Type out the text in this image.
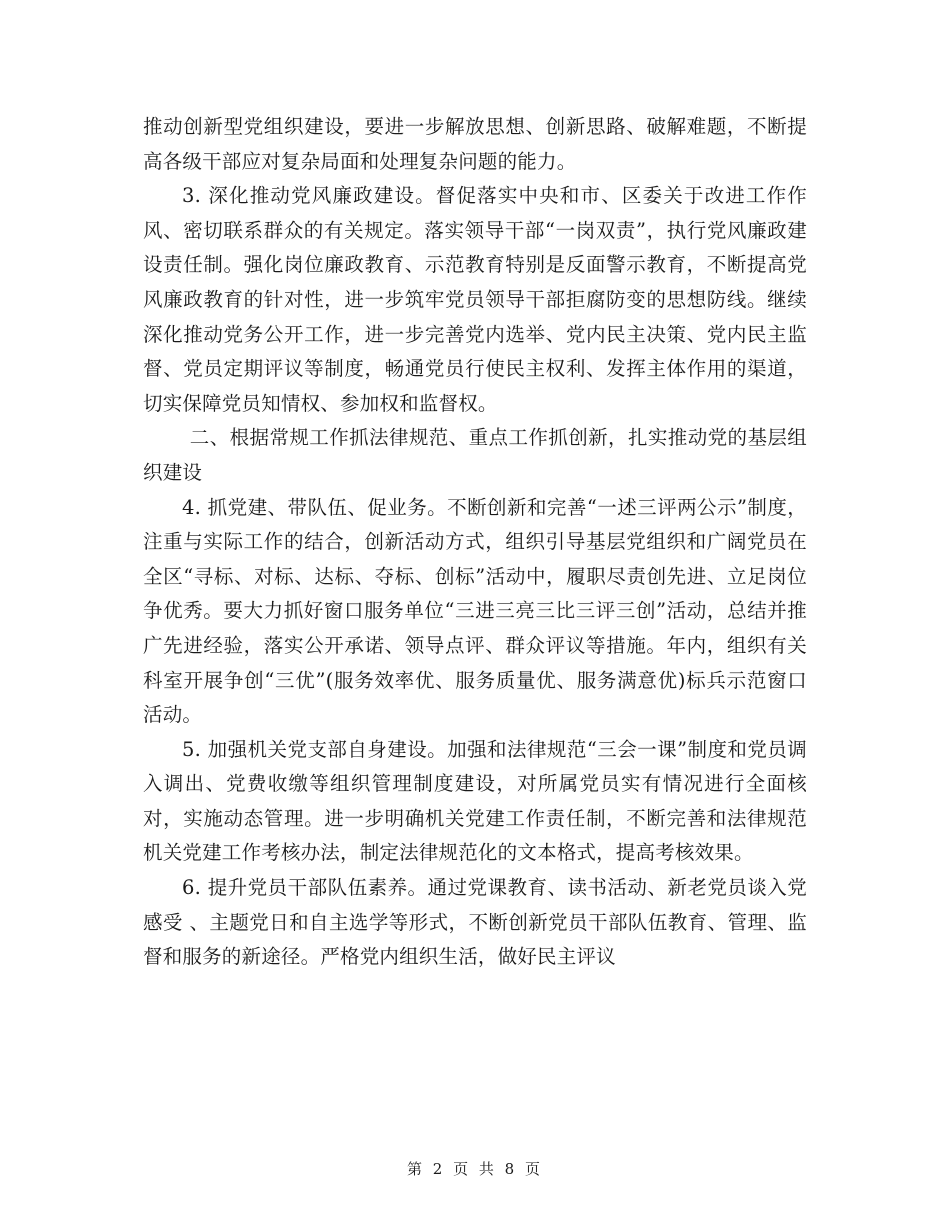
推动创新型党组织建设，要进一步解放思想、创新思路、破解难题，不断提高各级干部应对复杂局面和处理复杂问题的能力。

3. 深化推动党风廉政建设。督促落实中央和市、区委关于改进工作作风、密切联系群众的有关规定。落实领导干部“一岗双责”，执行党风廉政建设责任制。强化岗位廉政教育、示范教育特别是反面警示教育，不断提高党风廉政教育的针对性，进一步筑牢党员领导干部拒腐防变的思想防线。继续深化推动党务公开工作，进一步完善党内选举、党内民主决策、党内民主监督、党员定期评议等制度，畅通党员行使民主权利、发挥主体作用的渠道，切实保障党员知情权、参加权和监督权。

二、根据常规工作抓法律规范、重点工作抓创新，扎实推动党的基层组织建设

4. 抓党建、带队伍、促业务。不断创新和完善“一述三评两公示”制度，注重与实际工作的结合，创新活动方式，组织引导基层党组织和广阔党员在全区“寻标、对标、达标、夺标、创标”活动中，履职尽责创先进、立足岗位争优秀。要大力抓好窗口服务单位“三进三亮三比三评三创”活动，总结并推广先进经验，落实公开承诺、领导点评、群众评议等措施。年内，组织有关科室开展争创“三优”(服务效率优、服务质量优、服务满意优)标兵示范窗口活动。

5. 加强机关党支部自身建设。加强和法律规范“三会一课”制度和党员调入调出、党费收缴等组织管理制度建设，对所属党员实有情况进行全面核对，实施动态管理。进一步明确机关党建工作责任制，不断完善和法律规范机关党建工作考核办法，制定法律规范化的文本格式，提高考核效果。

6. 提升党员干部队伍素养。通过党课教育、读书活动、新老党员谈入党感受 、主题党日和自主选学等形式，不断创新党员干部队伍教育、管理、监督和服务的新途径。严格党内组织生活，做好民主评议

第 2 页 共 8 页
